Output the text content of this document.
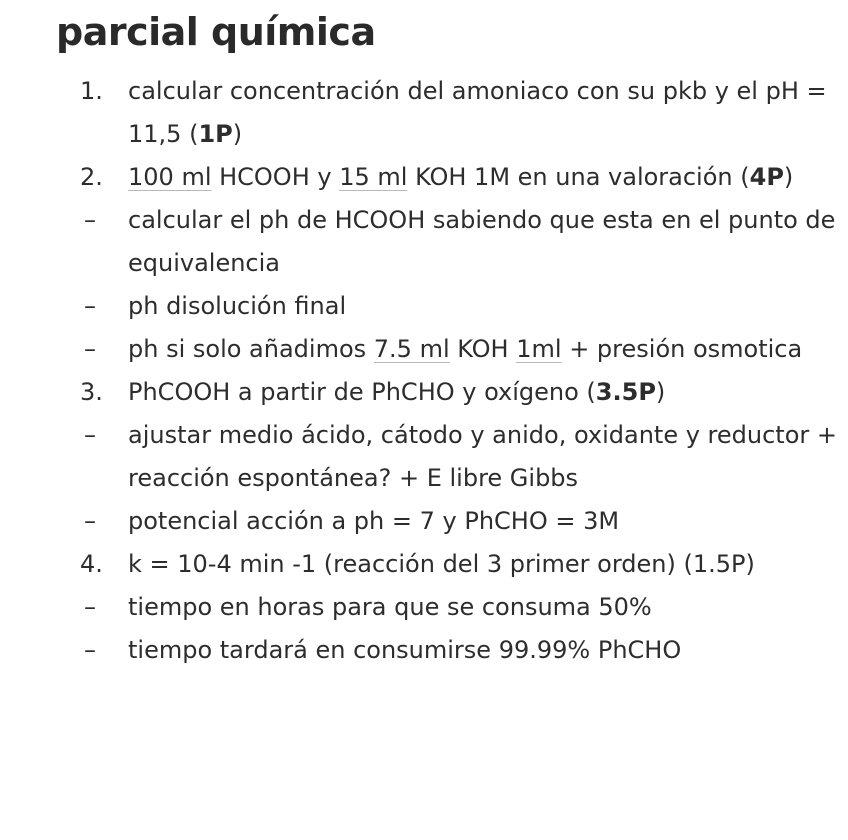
parcial química
1.	calcular concentración del amoniaco con su pkb y el pH = 11,5 (1P)
2.	100 ml HCOOH y 15 ml KOH 1M en una valoración (4P)
–	calcular el ph de HCOOH sabiendo que esta en el punto de equivalencia
–	ph disolución final
–	ph si solo añadimos 7.5 ml KOH 1ml + presión osmotica
3.	PhCOOH a partir de PhCHO y oxígeno (3.5P)
–	ajustar medio ácido, cátodo y anido, oxidante y reductor + reacción espontánea? + E libre Gibbs
–	potencial acción a ph = 7 y PhCHO = 3M
4.	k = 10-4 min -1 (reacción del 3 primer orden) (1.5P)
–	tiempo en horas para que se consuma 50%
–	tiempo tardará en consumirse 99.99% PhCHO
